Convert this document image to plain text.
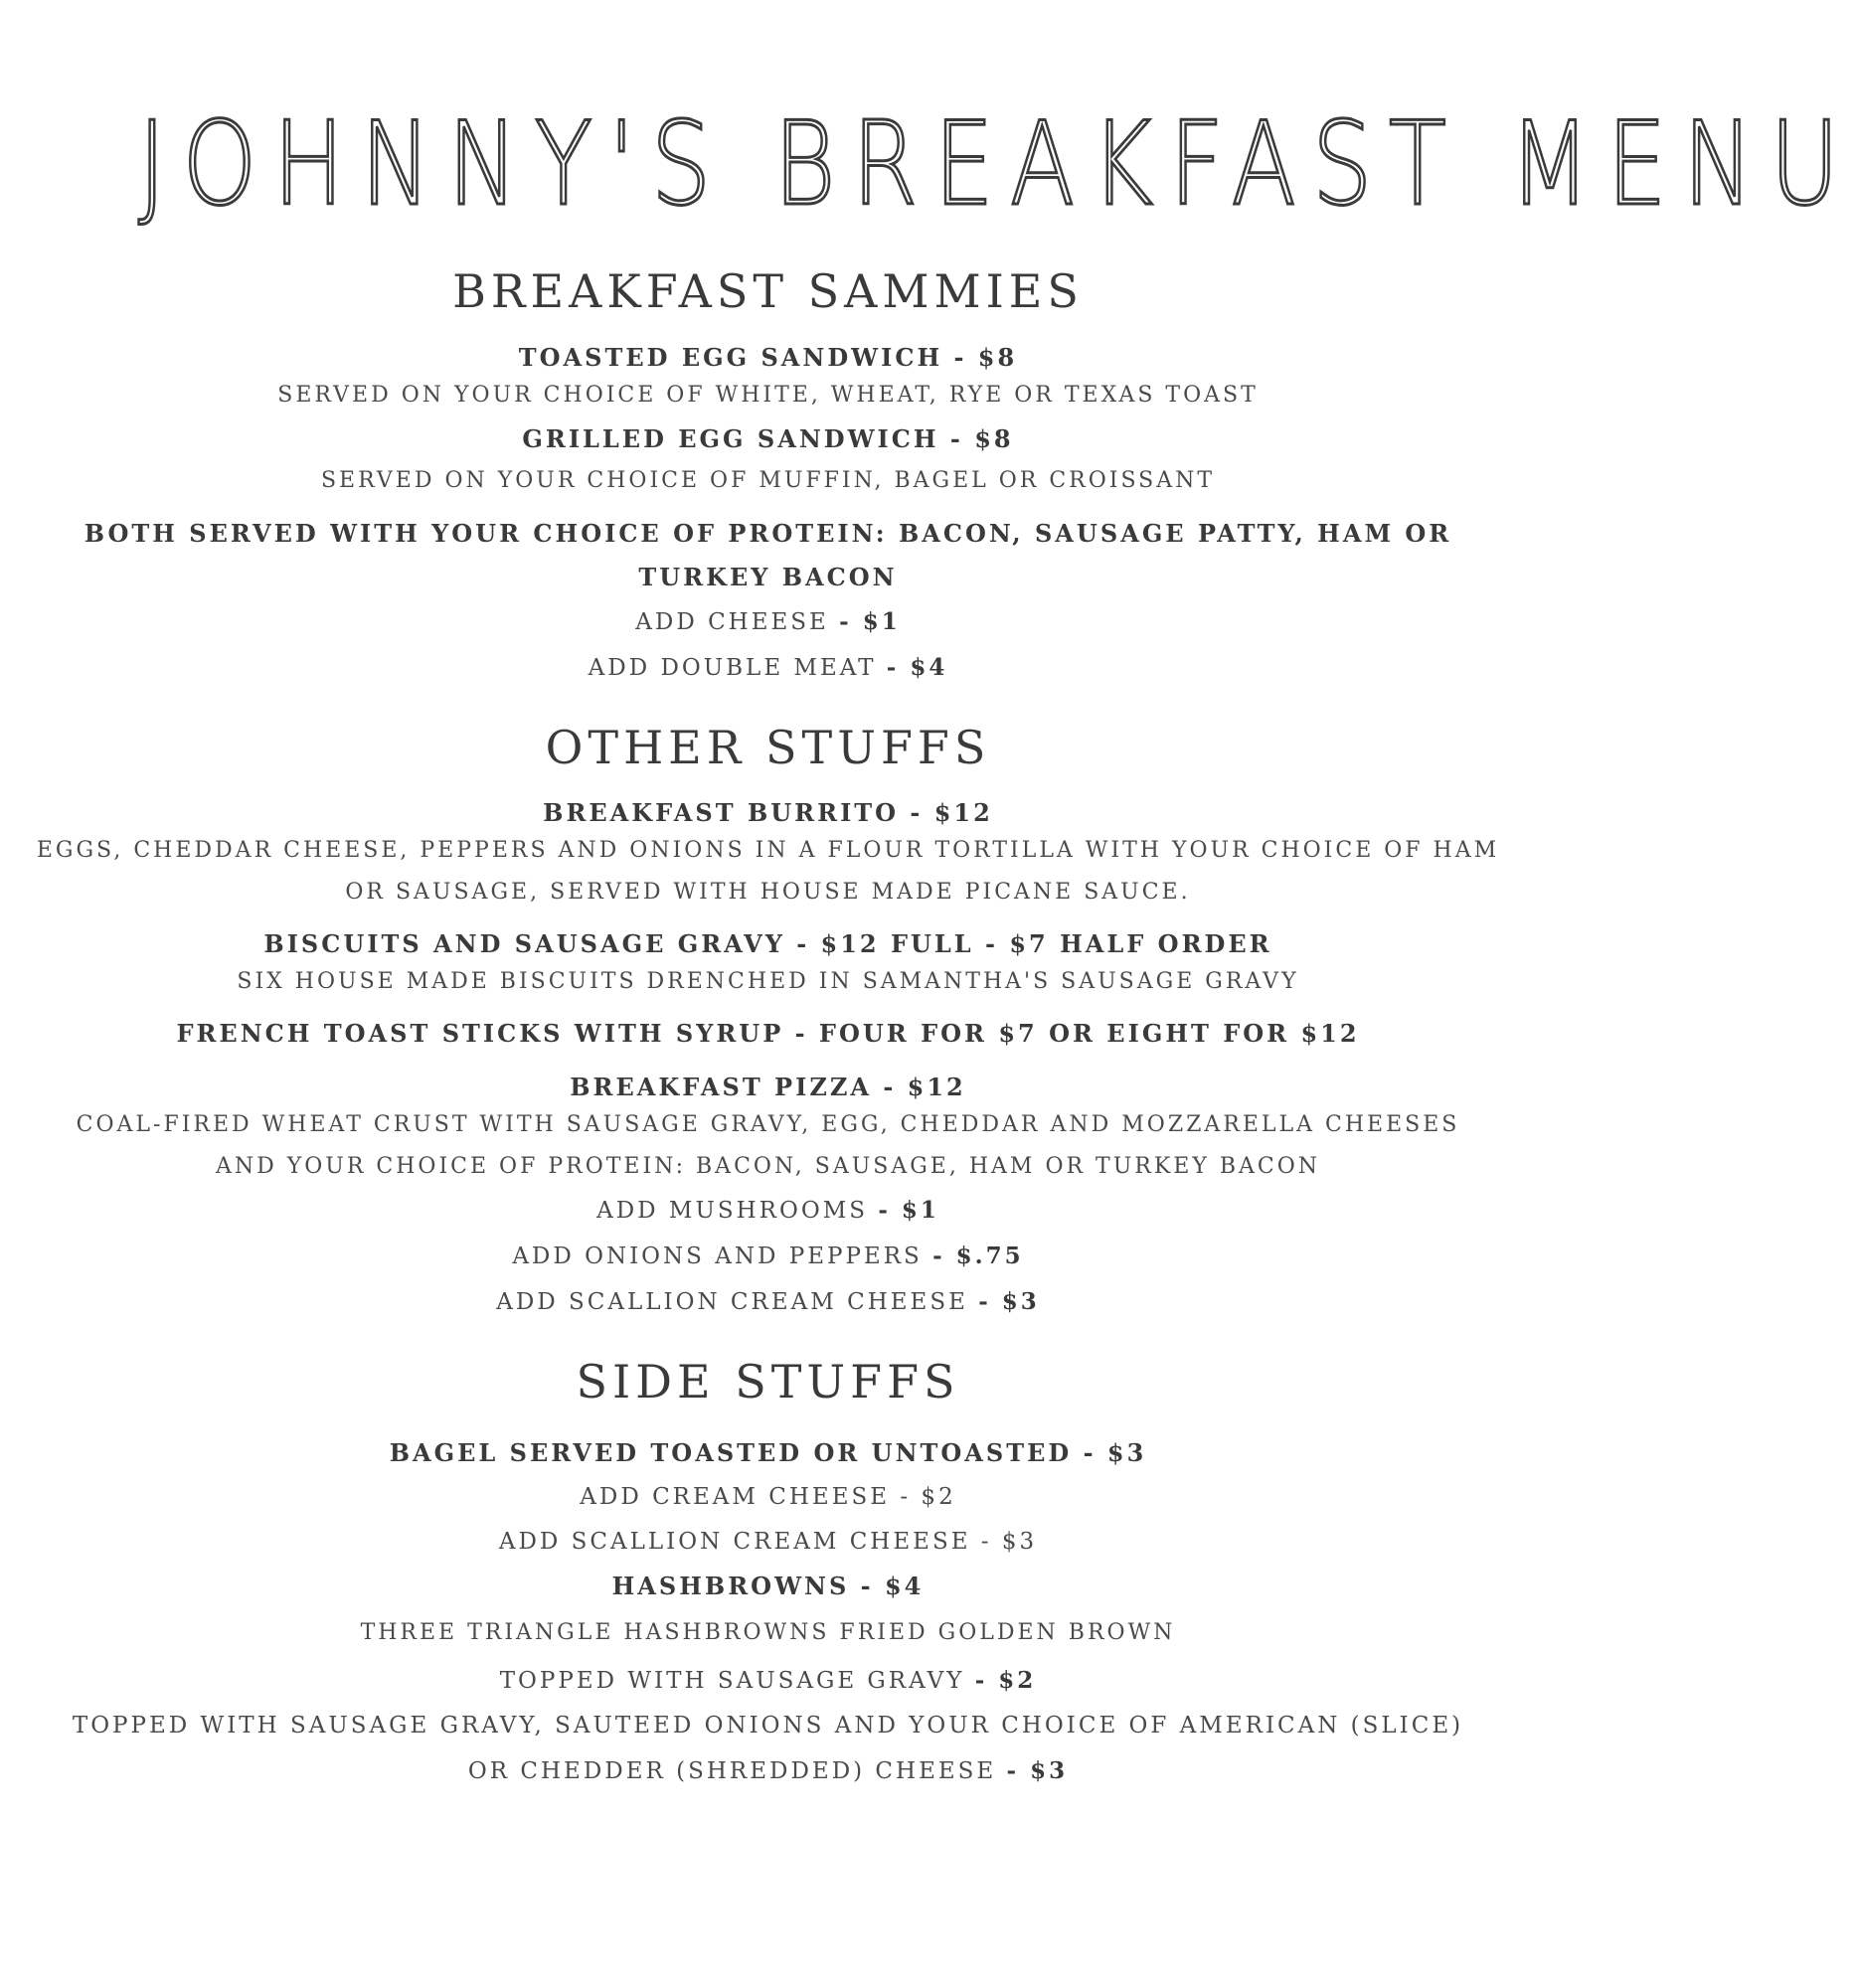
JOHNNY'S BREAKFAST MENU
BREAKFAST SAMMIES

TOASTED EGG SANDWICH - $8

SERVED ON YOUR CHOICE OF WHITE, WHEAT, RYE OR TEXAS TOAST

GRILLED EGG SANDWICH - $8

SERVED ON YOUR CHOICE OF MUFFIN, BAGEL OR CROISSANT

BOTH SERVED WITH YOUR CHOICE OF PROTEIN: BACON, SAUSAGE PATTY, HAM OR

TURKEY BACON

ADD CHEESE - $1

ADD DOUBLE MEAT - $4

OTHER STUFFS

BREAKFAST BURRITO - $12

EGGS, CHEDDAR CHEESE, PEPPERS AND ONIONS IN A FLOUR TORTILLA WITH YOUR CHOICE OF HAM

OR SAUSAGE, SERVED WITH HOUSE MADE PICANE SAUCE.

BISCUITS AND SAUSAGE GRAVY - $12 FULL - $7 HALF ORDER

SIX HOUSE MADE BISCUITS DRENCHED IN SAMANTHA'S SAUSAGE GRAVY

FRENCH TOAST STICKS WITH SYRUP - FOUR FOR $7 OR EIGHT FOR $12

BREAKFAST PIZZA - $12

COAL-FIRED WHEAT CRUST WITH SAUSAGE GRAVY, EGG, CHEDDAR AND MOZZARELLA CHEESES

AND YOUR CHOICE OF PROTEIN: BACON, SAUSAGE, HAM OR TURKEY BACON

ADD MUSHROOMS - $1

ADD ONIONS AND PEPPERS - $.75

ADD SCALLION CREAM CHEESE - $3

SIDE STUFFS

BAGEL SERVED TOASTED OR UNTOASTED - $3

ADD CREAM CHEESE - $2

ADD SCALLION CREAM CHEESE - $3

HASHBROWNS - $4

THREE TRIANGLE HASHBROWNS FRIED GOLDEN BROWN

TOPPED WITH SAUSAGE GRAVY - $2

TOPPED WITH SAUSAGE GRAVY, SAUTEED ONIONS AND YOUR CHOICE OF AMERICAN (SLICE)

OR CHEDDER (SHREDDED) CHEESE - $3
